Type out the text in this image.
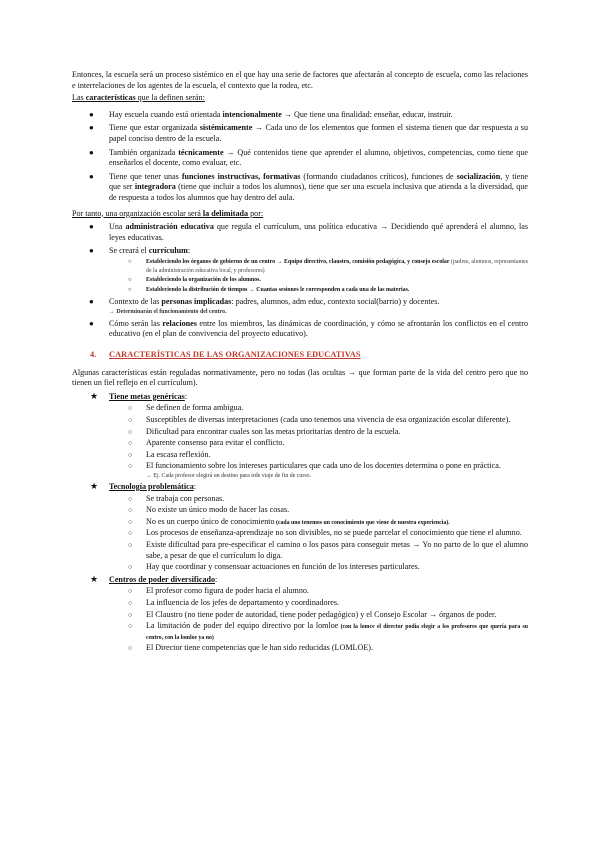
Entonces, la escuela será un proceso sistémico en el que hay una serie de factores que afectarán al concepto de escuela, como las relaciones e interrelaciones de los agentes de la escuela, el contexto que la rodea, etc.

Las características que la definen serán:

● Hay escuela cuando está orientada intencionalmente → Que tiene una finalidad: enseñar, educar, instruir.
● Tiene que estar organizada sistémicamente → Cada uno de los elementos que formen el sistema tienen que dar respuesta a su papel conciso dentro de la escuela.
● También organizada técnicamente → Qué contenidos tiene que aprender el alumno, objetivos, competencias, como tiene que enseñarlos el docente, como evaluar, etc.
● Tiene que tener unas funciones instructivas, formativas (formando ciudadanos críticos), funciones de socialización, y tiene que ser integradora (tiene que incluir a todos los alumnos), tiene que ser una escuela inclusiva que atienda a la diversidad, que de respuesta a todos los alumnos que hay dentro del aula.

Por tanto, una organización escolar será la delimitada por:

● Una administración educativa que regula el currículum, una política educativa → Decidiendo qué aprenderá el alumno, las leyes educativas.
● Se creará el currículum:
○ Estableciendo los órganos de gobierno de un centro → Equipo directivo, claustro, comisión pedagógica, y consejo escolar (padres, alumnos, representantes de la administración educativa local, y profesores)
○ Estableciendo la organización de los alumnos.
○ Estableciendo la distribución de tiempos → Cuantas sesiones le corresponden a cada una de las materias.
● Contexto de las personas implicadas: padres, alumnos, adm educ, contexto social(barrio) y docentes.
→ Determinarán el funcionamiento del centro.
● Cómo serán las relaciones entre los miembros, las dinámicas de coordinación, y cómo se afrontarán los conflictos en el centro educativo (en el plan de convivencia del proyecto educativo).
4. CARACTERÍSTICAS DE LAS ORGANIZACIONES EDUCATIVAS

Algunas características están reguladas normativamente, pero no todas (las ocultas → que forman parte de la vida del centro pero que no tienen un fiel reflejo en el currículum).

★ Tiene metas genéricas:
○ Se definen de forma ambigua.
○ Susceptibles de diversas interpretaciones (cada uno tenemos una vivencia de esa organización escolar diferente).
○ Dificultad para encontrar cuales son las metas prioritarias dentro de la escuela.
○ Aparente consenso para evitar el conflicto.
○ La escasa reflexión.
○ El funcionamiento sobre los intereses particulares que cada uno de los docentes determina o pone en práctica.
→ Ej. Cada profesor elegirá un destino para irde viaje de fin de curso.
★ Tecnología problemática:
○ Se trabaja con personas.
○ No existe un único modo de hacer las cosas.
○ No es un cuerpo único de conocimiento (cada uno tenemos un conocimiento que viene de nuestra experiencia).
○ Los procesos de enseñanza-aprendizaje no son divisibles, no se puede parcelar el conocimiento que tiene el alumno.
○ Existe dificultad para pre-especificar el camino o los pasos para conseguir metas → Yo no parto de lo que el alumno sabe, a pesar de que el currículum lo diga.
○ Hay que coordinar y consensuar actuaciones en función de los intereses particulares.
★ Centros de poder diversificado:
○ El profesor como figura de poder hacia el alumno.
○ La influencia de los jefes de departamento y coordinadores.
○ El Claustro (no tiene poder de autoridad, tiene poder pedagógico) y el Consejo Escolar → órganos de poder.
○ La limitación de poder del equipo directivo por la lomloe (con la lomce el director podía elegir a los profesores que quería para su centro, con la lomloe ya no)
○ El Director tiene competencias que le han sido reducidas (LOMLOE).
